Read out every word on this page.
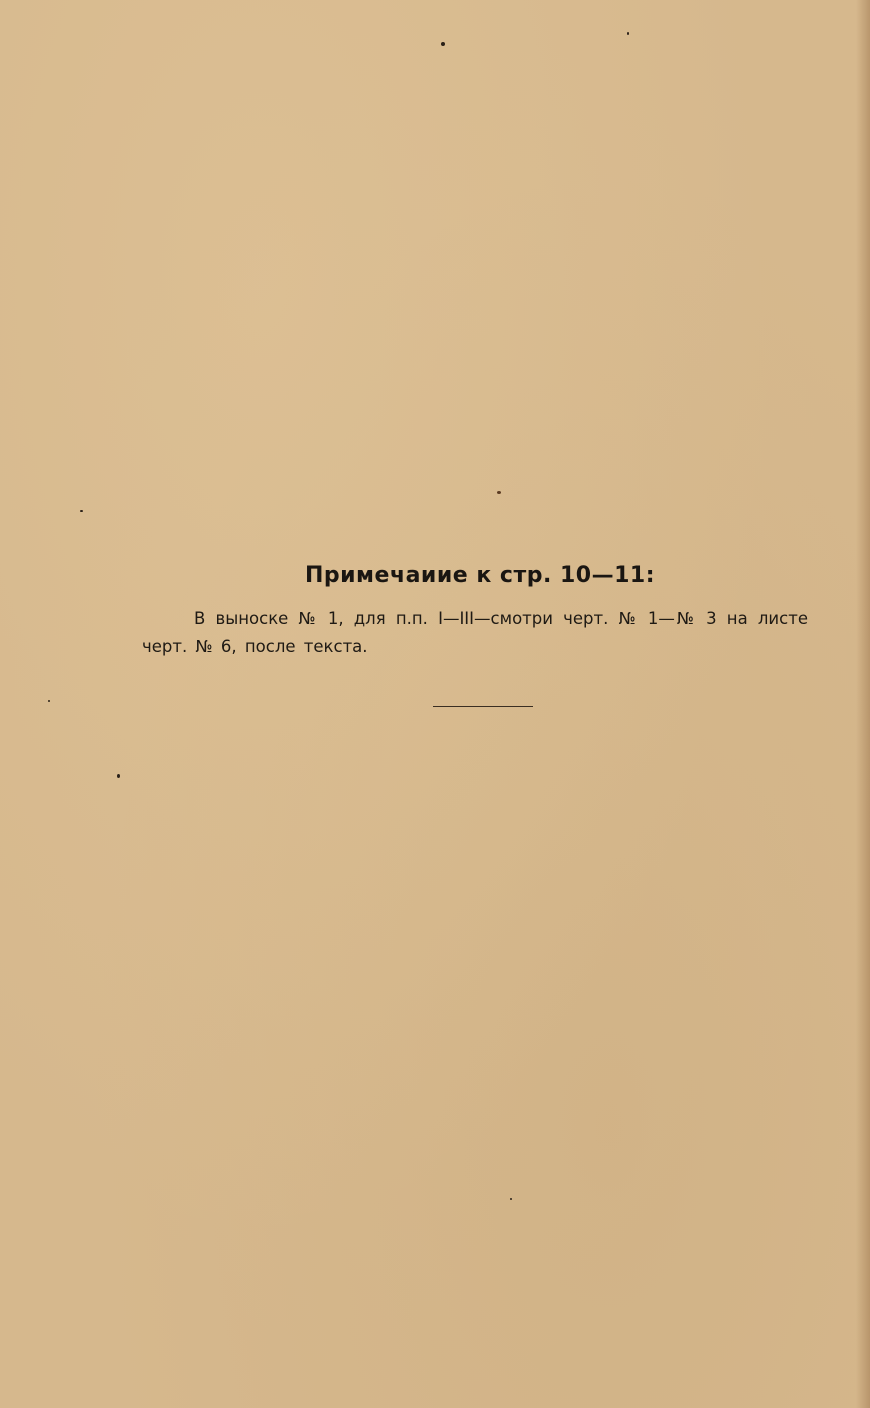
Примечаиие к стр. 10—11:
В выноске № 1, для п.п. I—III—смотри черт. № 1—№ 3 на листе черт. № 6, после текста.
